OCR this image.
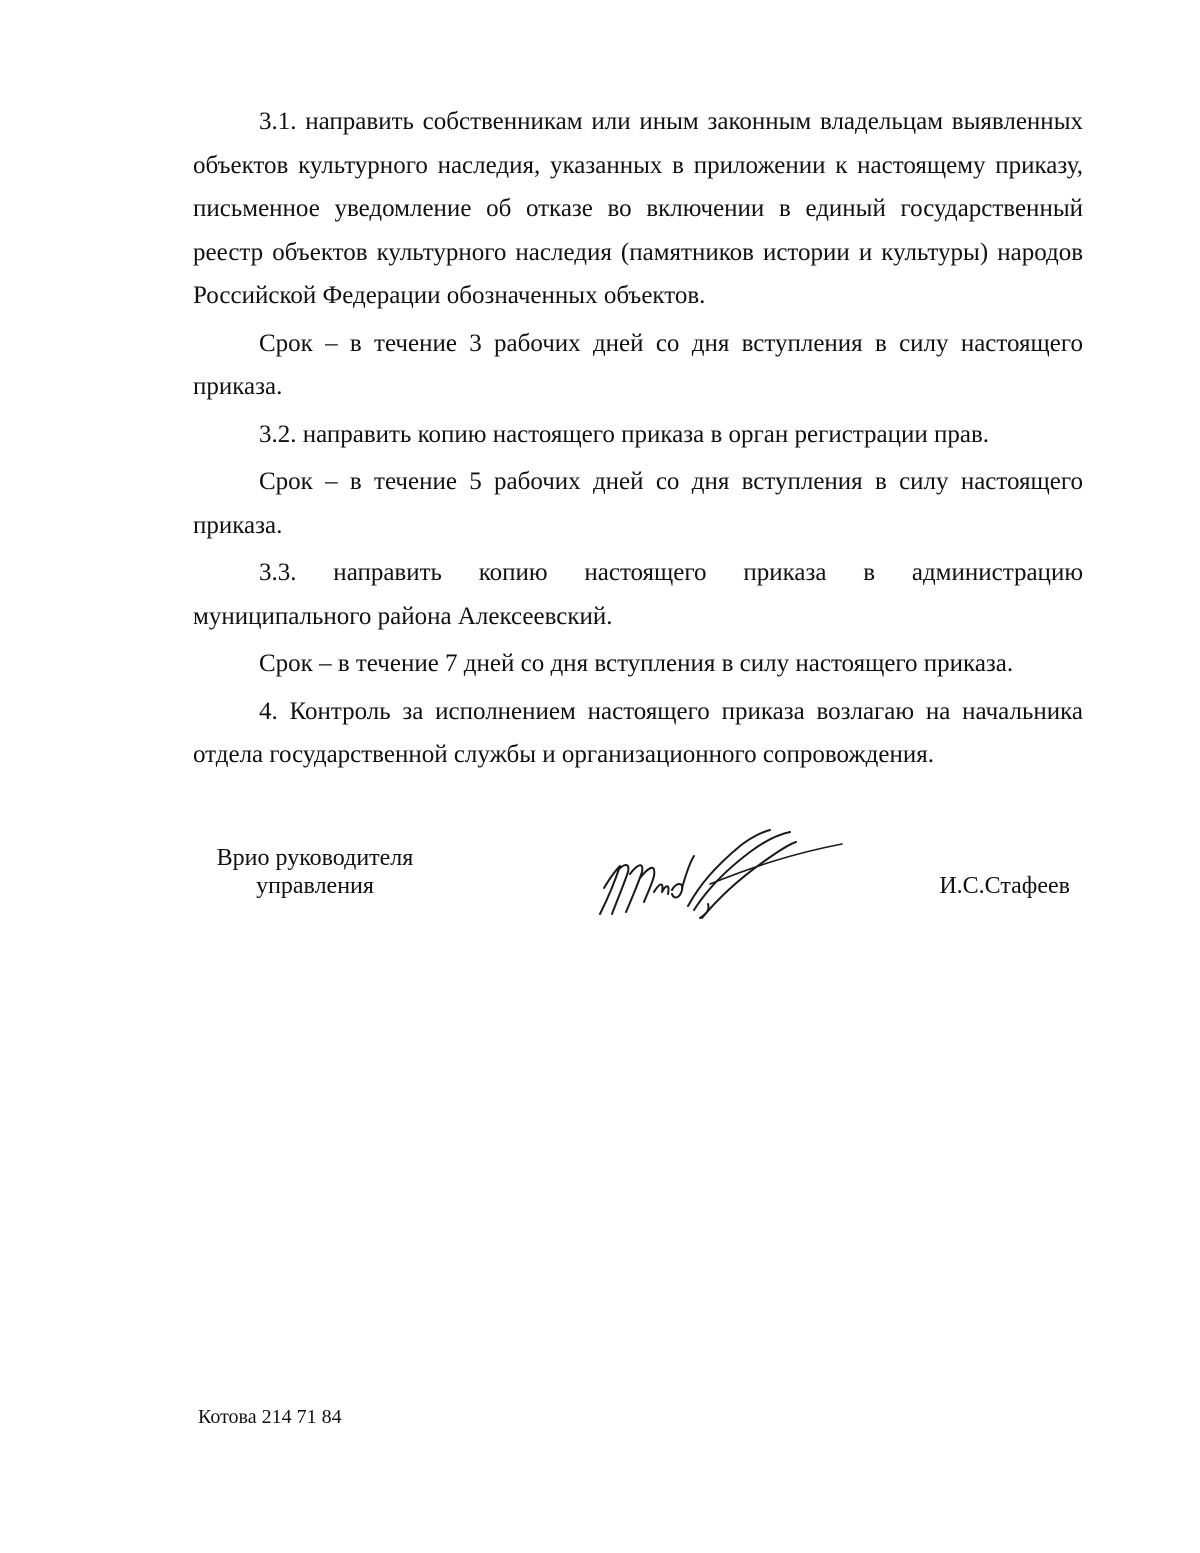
3.1. направить собственникам или иным законным владельцам выявленных объектов культурного наследия, указанных в приложении к настоящему приказу, письменное уведомление об отказе во включении в единый государственный реестр объектов культурного наследия (памятников истории и культуры) народов Российской Федерации обозначенных объектов.

Срок – в течение 3 рабочих дней со дня вступления в силу настоящего приказа.

3.2. направить копию настоящего приказа в орган регистрации прав.

Срок – в течение 5 рабочих дней со дня вступления в силу настоящего приказа.

3.3. направить копию настоящего приказа в администрацию муниципального района Алексеевский.

Срок – в течение 7 дней со дня вступления в силу настоящего приказа.

4. Контроль за исполнением настоящего приказа возлагаю на начальника отдела государственной службы и организационного сопровождения.

Врио руководителя
управления	И.С.Стафеев
Котова 214 71 84
